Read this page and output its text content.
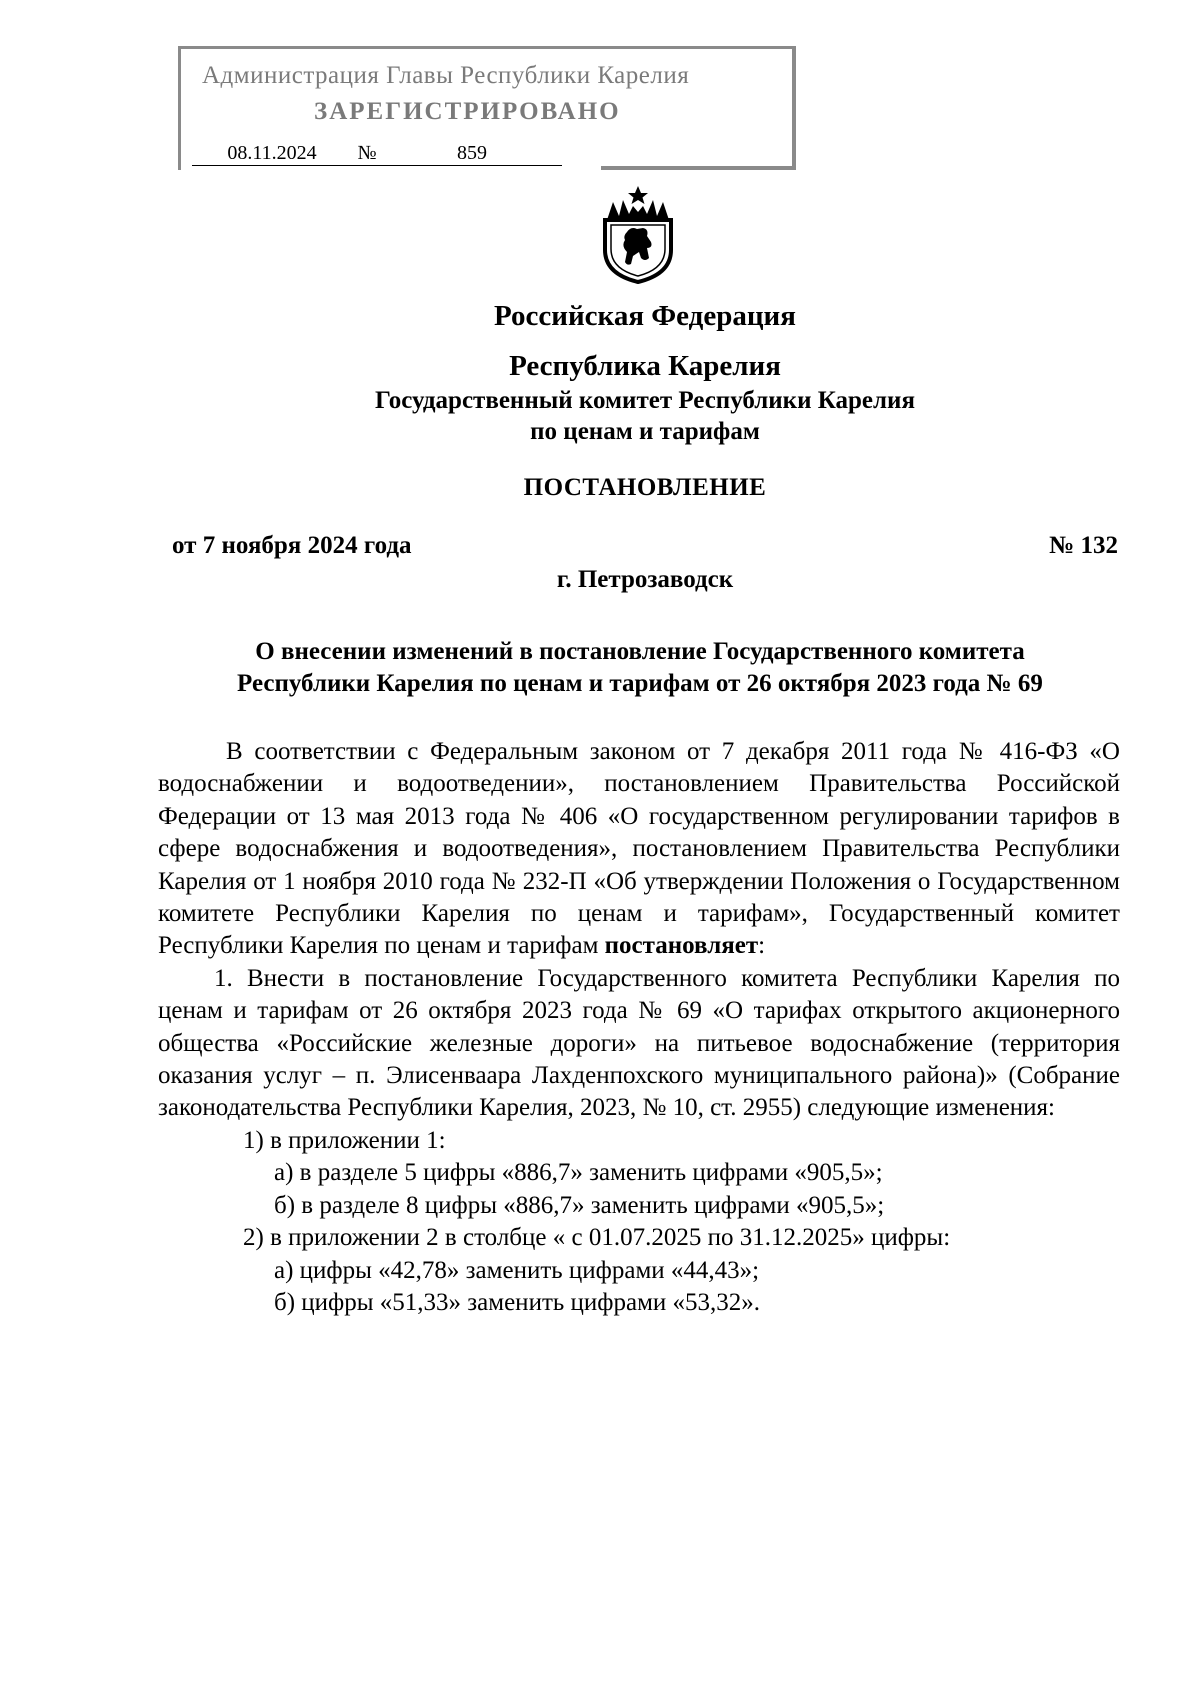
Администрация Главы Республики Карелия
ЗАРЕГИСТРИРОВАНО
08.11.2024 №	859
Российская Федерация
Республика Карелия
Государственный комитет Республики Карелия
по ценам и тарифам
ПОСТАНОВЛЕНИЕ
от 7 ноября 2024 года	№ 132
г. Петрозаводск
О внесении изменений в постановление Государственного комитета
Республики Карелия по ценам и тарифам от 26 октября 2023 года № 69

В соответствии с Федеральным законом от 7 декабря 2011 года № 416-ФЗ «О водоснабжении и водоотведении», постановлением Правительства Российской Федерации от 13 мая 2013 года № 406 «О государственном регулировании тарифов в сфере водоснабжения и водоотведения», постановлением Правительства Республики Карелия от 1 ноября 2010 года № 232-П «Об утверждении Положения о Государственном комитете Республики Карелия по ценам и тарифам», Государственный комитет Республики Карелия по ценам и тарифам постановляет:

1. Внести в постановление Государственного комитета Республики Карелия по ценам и тарифам от 26 октября 2023 года № 69 «О тарифах открытого акционерного общества «Российские железные дороги» на питьевое водоснабжение (территория оказания услуг – п. Элисенваара Лахденпохского муниципального района)» (Собрание законодательства Республики Карелия, 2023, № 10, ст. 2955) следующие изменения:

1) в приложении 1:

а) в разделе 5 цифры «886,7» заменить цифрами «905,5»;

б) в разделе 8 цифры «886,7» заменить цифрами «905,5»;

2) в приложении 2 в столбце « с 01.07.2025 по 31.12.2025» цифры:

а) цифры «42,78» заменить цифрами «44,43»;

б) цифры «51,33» заменить цифрами «53,32».
